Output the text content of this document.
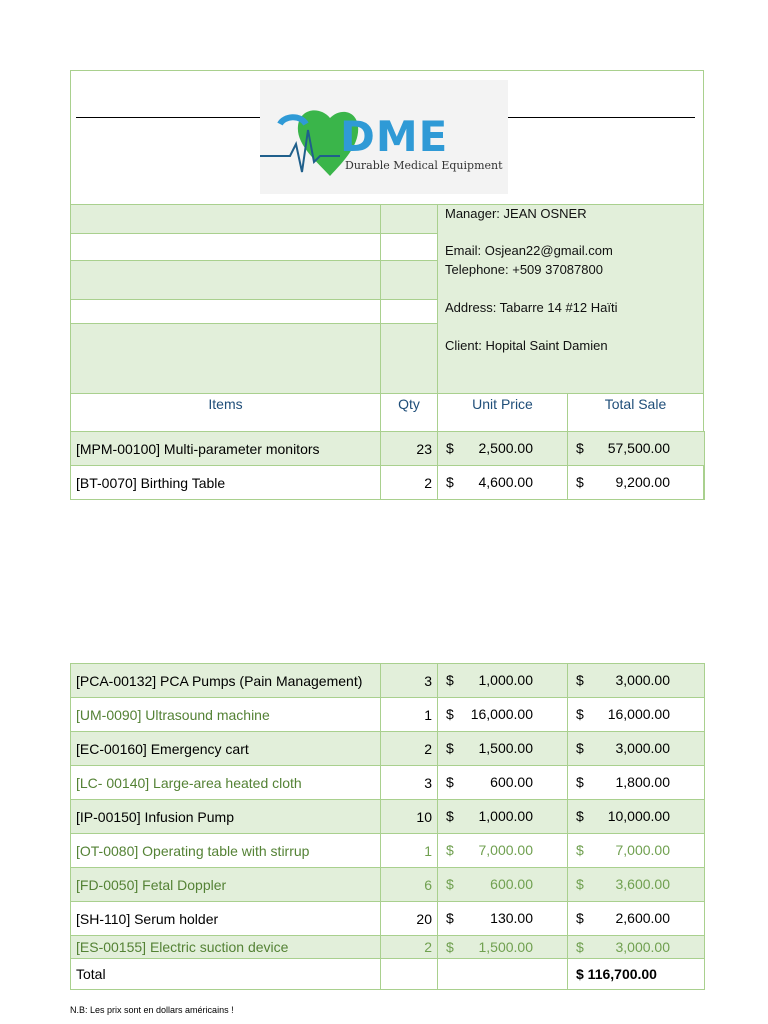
DME
Durable Medical Equipment
Manager: JEAN OSNER
Email: Osjean22@gmail.com
Telephone: +509 37087800
Address: Tabarre 14 #12 Haïti
Client: Hopital Saint Damien
Items	Qty	Unit Price	Total Sale
[MPM-00100] Multi-parameter monitors	23	$ 2,500.00	$ 57,500.00

[BT-0070] Birthing Table	2	$ 4,600.00	$ 9,200.00
[PCA-00132] PCA Pumps (Pain Management)	3	$ 1,000.00	$ 3,000.00

[UM-0090] Ultrasound machine	1	$ 16,000.00	$ 16,000.00

[EC-00160] Emergency cart	2	$ 1,500.00	$ 3,000.00

[LC- 00140] Large-area heated cloth	3	$ 600.00	$ 1,800.00

[IP-00150] Infusion Pump	10	$ 1,000.00	$ 10,000.00

[OT-0080] Operating table with stirrup	1	$ 7,000.00	$ 7,000.00

[FD-0050] Fetal Doppler	6	$ 600.00	$ 3,600.00

[SH-110] Serum holder	20	$ 130.00	$ 2,600.00

[ES-00155] Electric suction device	2	$ 1,500.00	$ 3,000.00

Total			$ 116,700.00
N.B: Les prix sont en dollars américains !
